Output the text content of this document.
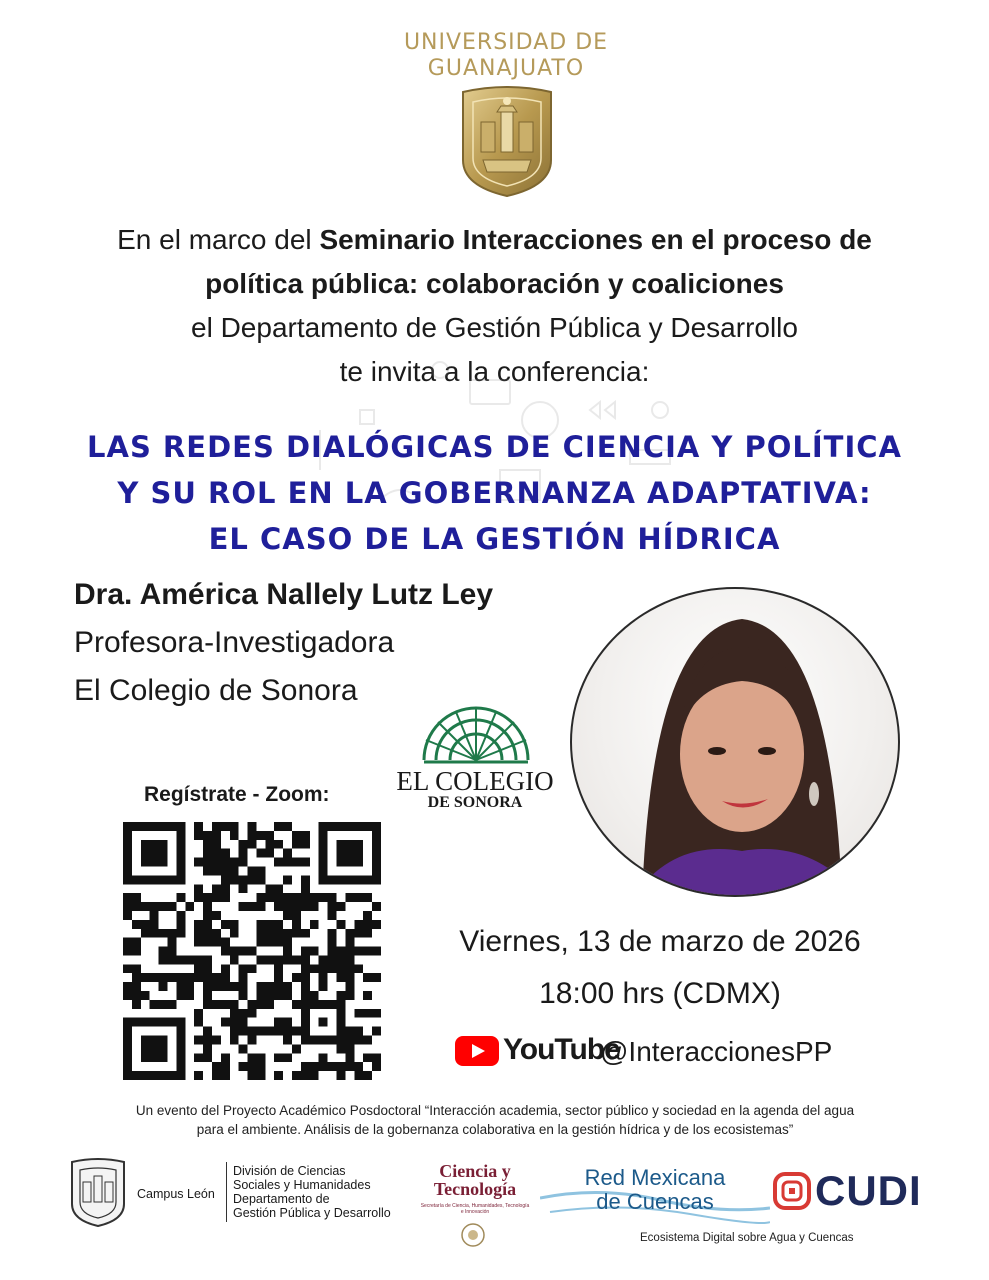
UNIVERSIDAD DE
GUANAJUATO
En el marco del Seminario Interacciones en el proceso de
política pública: colaboración y coaliciones
el Departamento de Gestión Pública y Desarrollo
te invita a la conferencia:
LAS REDES DIALÓGICAS DE CIENCIA Y POLÍTICA
Y SU ROL EN LA GOBERNANZA ADAPTATIVA:
EL CASO DE LA GESTIÓN HÍDRICA
Dra. América Nallely Lutz Ley
Profesora-Investigadora
El Colegio de Sonora
EL COLEGIO
DE SONORA
Regístrate - Zoom:
Viernes, 13 de marzo de 2026
18:00 hrs (CDMX)
YouTube
@InteraccionesPP
Un evento del Proyecto Académico Posdoctoral “Interacción academia, sector público y sociedad en la agenda del agua
para el ambiente. Análisis de la gobernanza colaborativa en la gestión hídrica y de los ecosistemas”
Campus León
División de Ciencias
Sociales y Humanidades
Departamento de
Gestión Pública y Desarrollo
Ciencia y
Tecnología
Secretaría de Ciencia, Humanidades, Tecnología e Innovación
Red Mexicana
de Cuencas	CUDI
Ecosistema Digital sobre Agua y Cuencas
